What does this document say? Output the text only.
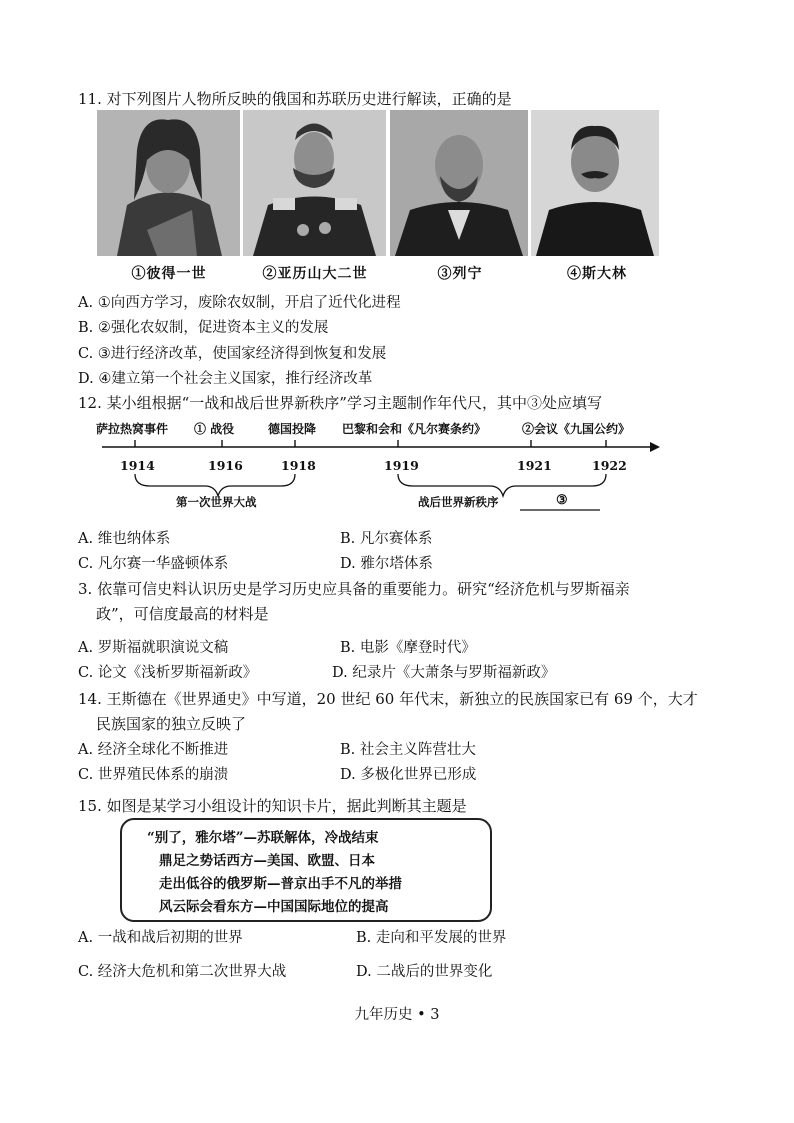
11. 对下列图片人物所反映的俄国和苏联历史进行解读，正确的是
①彼得一世	②亚历山大二世	③列宁	④斯大林
A. ①向西方学习，废除农奴制，开启了近代化进程
B. ②强化农奴制，促进资本主义的发展
C. ③进行经济改革，使国家经济得到恢复和发展
D. ④建立第一个社会主义国家，推行经济改革
12. 某小组根据“一战和战后世界新秩序”学习主题制作年代尺，其中③处应填写
萨拉热窝事件 ① 战役	德国投降 巴黎和会和《凡尔赛条约》	②会议《九国公约》
1914	1916	1918	1919	1921	1922
第一次世界大战	战后世界新秩序	③
A. 维也纳体系	B. 凡尔赛体系
C. 凡尔赛一华盛顿体系	D. 雅尔塔体系
3. 依靠可信史料认识历史是学习历史应具备的重要能力。研究“经济危机与罗斯福亲
政”，可信度最高的材料是
A. 罗斯福就职演说文稿	B. 电影《摩登时代》
C. 论文《浅析罗斯福新政》	D. 纪录片《大萧条与罗斯福新政》
14. 王斯德在《世界通史》中写道，20 世纪 60 年代末，新独立的民族国家已有 69 个，大才
民族国家的独立反映了
A. 经济全球化不断推进	B. 社会主义阵营壮大
C. 世界殖民体系的崩溃	D. 多极化世界已形成
15. 如图是某学习小组设计的知识卡片，据此判断其主题是
“别了，雅尔塔”—苏联解体，冷战结束
鼎足之势话西方—美国、欧盟、日本
走出低谷的俄罗斯—普京出手不凡的举措
风云际会看东方—中国国际地位的提高
A. 一战和战后初期的世界	B. 走向和平发展的世界
C. 经济大危机和第二次世界大战	D. 二战后的世界变化
九年历史 • 3
